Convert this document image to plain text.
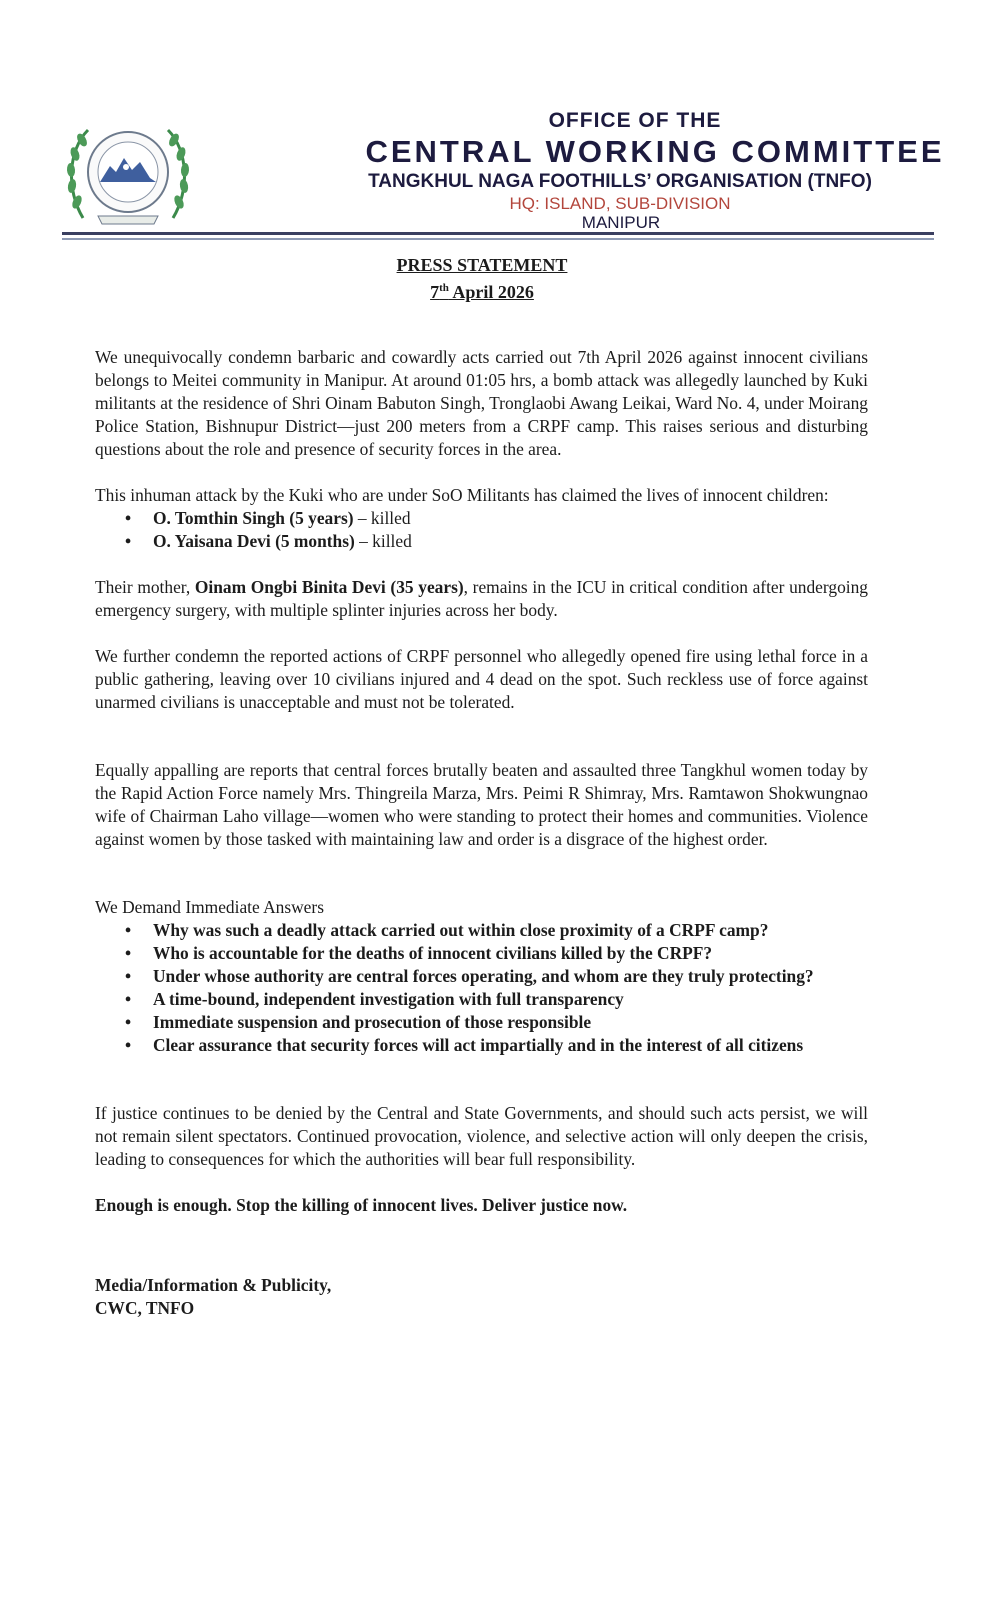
OFFICE OF THE
CENTRAL WORKING COMMITTEE
TANGKHUL NAGA FOOTHILLS’ ORGANISATION (TNFO)
HQ: ISLAND, SUB-DIVISION
MANIPUR
PRESS STATEMENT
7th April 2026

We unequivocally condemn barbaric and cowardly acts carried out 7th April 2026 against innocent civilians belongs to Meitei community in Manipur. At around 01:05 hrs, a bomb attack was allegedly launched by Kuki militants at the residence of Shri Oinam Babuton Singh, Tronglaobi Awang Leikai, Ward No. 4, under Moirang Police Station, Bishnupur District—just 200 meters from a CRPF camp. This raises serious and disturbing questions about the role and presence of security forces in the area.

This inhuman attack by the Kuki who are under SoO Militants has claimed the lives of innocent children:

• O. Tomthin Singh (5 years) – killed
• O. Yaisana Devi (5 months) – killed

Their mother, Oinam Ongbi Binita Devi (35 years), remains in the ICU in critical condition after undergoing emergency surgery, with multiple splinter injuries across her body.

We further condemn the reported actions of CRPF personnel who allegedly opened fire using lethal force in a public gathering, leaving over 10 civilians injured and 4 dead on the spot. Such reckless use of force against unarmed civilians is unacceptable and must not be tolerated.

Equally appalling are reports that central forces brutally beaten and assaulted three Tangkhul women today by the Rapid Action Force namely Mrs. Thingreila Marza, Mrs. Peimi R Shimray, Mrs. Ramtawon Shokwungnao wife of Chairman Laho village—women who were standing to protect their homes and communities. Violence against women by those tasked with maintaining law and order is a disgrace of the highest order.

We Demand Immediate Answers

• Why was such a deadly attack carried out within close proximity of a CRPF camp?
• Who is accountable for the deaths of innocent civilians killed by the CRPF?
• Under whose authority are central forces operating, and whom are they truly protecting?
• A time-bound, independent investigation with full transparency
• Immediate suspension and prosecution of those responsible
• Clear assurance that security forces will act impartially and in the interest of all citizens

If justice continues to be denied by the Central and State Governments, and should such acts persist, we will not remain silent spectators. Continued provocation, violence, and selective action will only deepen the crisis, leading to consequences for which the authorities will bear full responsibility.

Enough is enough. Stop the killing of innocent lives. Deliver justice now.

Media/Information & Publicity,
CWC, TNFO
